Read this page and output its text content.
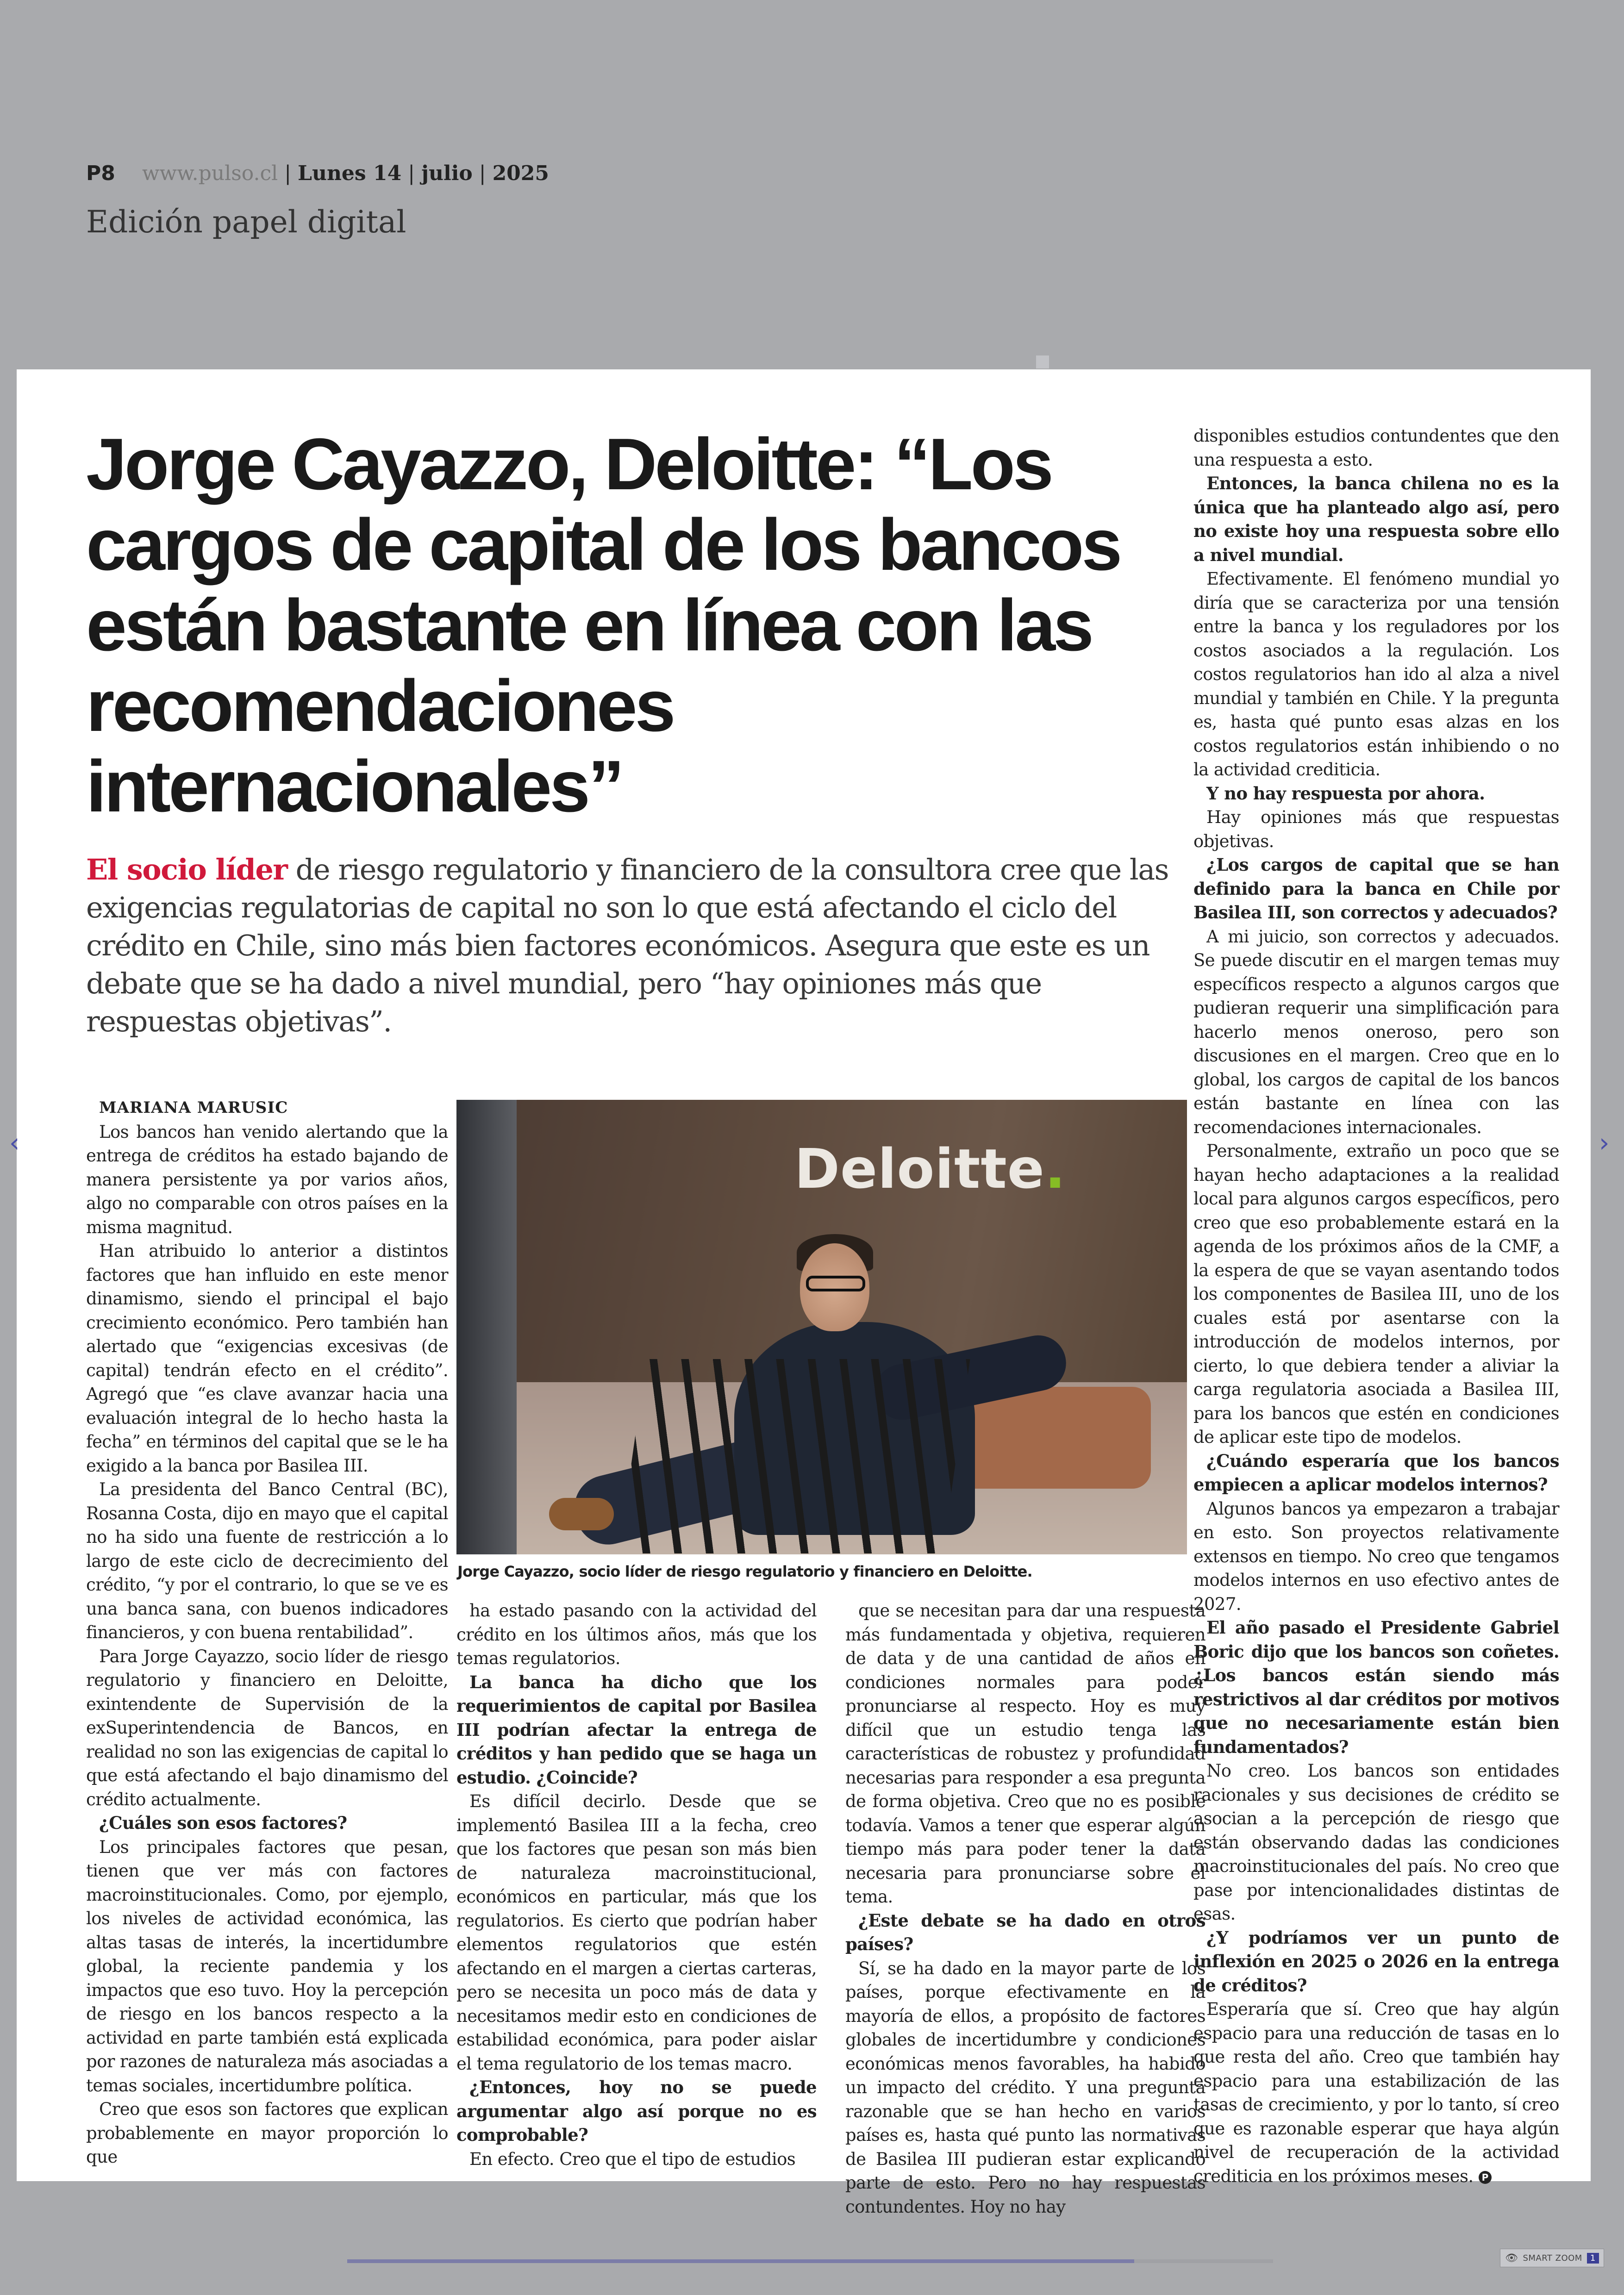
P8 www.pulso.cl | Lunes 14 | julio | 2025
Edición papel digital
Jorge Cayazzo, Deloitte: “Los cargos de capital de los bancos están bastante en línea con las recomendaciones internacionales”
El socio líder de riesgo regulatorio y financiero de la consultora cree que las exigencias regulatorias de capital no son lo que está afectando el ciclo del crédito en Chile, sino más bien factores económicos. Asegura que este es un debate que se ha dado a nivel mundial, pero “hay opiniones más que respuestas objetivas”.

MARIANA MARUSIC

Los bancos han venido alertando que la entrega de créditos ha estado bajando de manera persistente ya por varios años, algo no comparable con otros países en la misma magnitud.

Han atribuido lo anterior a distintos factores que han influido en este menor dinamismo, siendo el principal el bajo crecimiento económico. Pero también han alertado que “exigencias excesivas (de capital) tendrán efecto en el crédito”. Agregó que “es clave avanzar hacia una evaluación integral de lo hecho hasta la fecha” en términos del capital que se le ha exigido a la banca por Basilea III.

La presidenta del Banco Central (BC), Rosanna Costa, dijo en mayo que el capital no ha sido una fuente de restricción a lo largo de este ciclo de decrecimiento del crédito, “y por el contrario, lo que se ve es una banca sana, con buenos indicadores financieros, y con buena rentabilidad”.

Para Jorge Cayazzo, socio líder de riesgo regulatorio y financiero en Deloitte, exintendente de Supervisión de la exSuperintendencia de Bancos, en realidad no son las exigencias de capital lo que está afectando el bajo dinamismo del crédito actualmente.

¿Cuáles son esos factores?

Los principales factores que pesan, tienen que ver más con factores macroinstitucionales. Como, por ejemplo, los niveles de actividad económica, las altas tasas de interés, la incertidumbre global, la reciente pandemia y los impactos que eso tuvo. Hoy la percepción de riesgo en los bancos respecto a la actividad en parte también está explicada por razones de naturaleza más asociadas a temas sociales, incertidumbre política.

Creo que esos son factores que explican probablemente en mayor proporción lo que

Deloitte.
Jorge Cayazzo, socio líder de riesgo regulatorio y financiero en Deloitte.

ha estado pasando con la actividad del crédito en los últimos años, más que los temas regulatorios.

La banca ha dicho que los requerimientos de capital por Basilea III podrían afectar la entrega de créditos y han pedido que se haga un estudio. ¿Coincide?

Es difícil decirlo. Desde que se implementó Basilea III a la fecha, creo que los factores que pesan son más bien de naturaleza macroinstitucional, económicos en particular, más que los regulatorios. Es cierto que podrían haber elementos regulatorios que estén afectando en el margen a ciertas carteras, pero se necesita un poco más de data y necesitamos medir esto en condiciones de estabilidad económica, para poder aislar el tema regulatorio de los temas macro.

¿Entonces, hoy no se puede argumentar algo así porque no es comprobable?

En efecto. Creo que el tipo de estudios

que se necesitan para dar una respuesta más fundamentada y objetiva, requieren de data y de una cantidad de años en condiciones normales para poder pronunciarse al respecto. Hoy es muy difícil que un estudio tenga las características de robustez y profundidad necesarias para responder a esa pregunta de forma objetiva. Creo que no es posible todavía. Vamos a tener que esperar algún tiempo más para poder tener la data necesaria para pronunciarse sobre el tema.

¿Este debate se ha dado en otros países?

Sí, se ha dado en la mayor parte de los países, porque efectivamente en la mayoría de ellos, a propósito de factores globales de incertidumbre y condiciones económicas menos favorables, ha habido un impacto del crédito. Y una pregunta razonable que se han hecho en varios países es, hasta qué punto las normativas de Basilea III pudieran estar explicando parte de esto. Pero no hay respuestas contundentes. Hoy no hay

disponibles estudios contundentes que den una respuesta a esto.

Entonces, la banca chilena no es la única que ha planteado algo así, pero no existe hoy una respuesta sobre ello a nivel mundial.

Efectivamente. El fenómeno mundial yo diría que se caracteriza por una tensión entre la banca y los reguladores por los costos asociados a la regulación. Los costos regulatorios han ido al alza a nivel mundial y también en Chile. Y la pregunta es, hasta qué punto esas alzas en los costos regulatorios están inhibiendo o no la actividad crediticia.

Y no hay respuesta por ahora.

Hay opiniones más que respuestas objetivas.

¿Los cargos de capital que se han definido para la banca en Chile por Basilea III, son correctos y adecuados?

A mi juicio, son correctos y adecuados. Se puede discutir en el margen temas muy específicos respecto a algunos cargos que pudieran requerir una simplificación para hacerlo menos oneroso, pero son discusiones en el margen. Creo que en lo global, los cargos de capital de los bancos están bastante en línea con las recomendaciones internacionales.

Personalmente, extraño un poco que se hayan hecho adaptaciones a la realidad local para algunos cargos específicos, pero creo que eso probablemente estará en la agenda de los próximos años de la CMF, a la espera de que se vayan asentando todos los componentes de Basilea III, uno de los cuales está por asentarse con la introducción de modelos internos, por cierto, lo que debiera tender a aliviar la carga regulatoria asociada a Basilea III, para los bancos que estén en condiciones de aplicar este tipo de modelos.

¿Cuándo esperaría que los bancos empiecen a aplicar modelos internos?

Algunos bancos ya empezaron a trabajar en esto. Son proyectos relativamente extensos en tiempo. No creo que tengamos modelos internos en uso efectivo antes de 2027.

El año pasado el Presidente Gabriel Boric dijo que los bancos son coñetes. ¿Los bancos están siendo más restrictivos al dar créditos por motivos que no necesariamente están bien fundamentados?

No creo. Los bancos son entidades racionales y sus decisiones de crédito se asocian a la percepción de riesgo que están observando dadas las condiciones macroinstitucionales del país. No creo que pase por intencionalidades distintas de esas.

¿Y podríamos ver un punto de inflexión en 2025 o 2026 en la entrega de créditos?

Esperaría que sí. Creo que hay algún espacio para una reducción de tasas en lo que resta del año. Creo que también hay espacio para una estabilización de las tasas de crecimiento, y por lo tanto, sí creo que es razonable esperar que haya algún nivel de recuperación de la actividad crediticia en los próximos meses. P

‹	›
👁 SMART ZOOM 1
